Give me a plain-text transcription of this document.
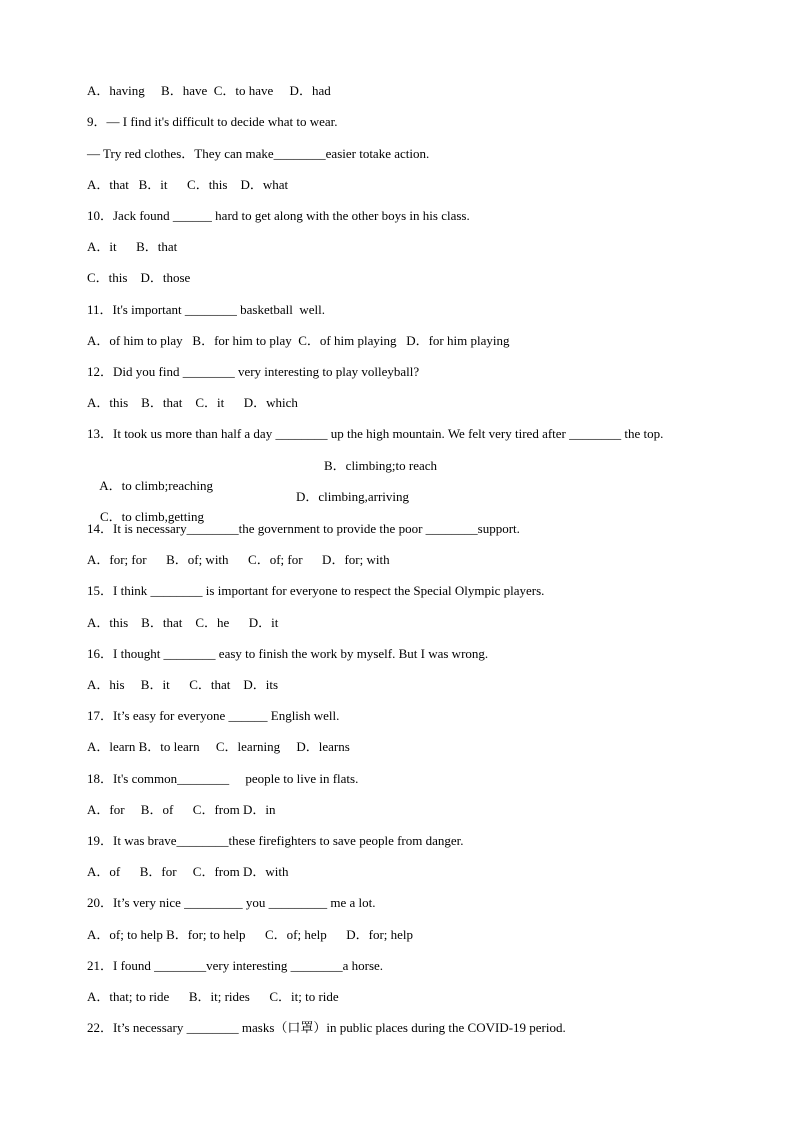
A．having     B．have  C．to have     D．had
9．— I find it's difficult to decide what to wear.
— Try red clothes．They can make________easier totake action.
A．that   B．it      C．this    D．what
10．Jack found ______ hard to get along with the other boys in his class.
A．it      B．that
C．this    D．those
11．It's important ________ basketball  well.
A．of him to play   B．for him to play  C．of him playing   D．for him playing
12．Did you find ________ very interesting to play volleyball?
A．this    B．that    C．it      D．which
13．It took us more than half a day ________ up the high mountain. We felt very tired after ________ the top.

A．to climb;reaching

B．climbing;to reach

C．to climb,getting

D．climbing,arriving

14．It is necessary________the government to provide the poor ________support.
A．for; for      B．of; with      C．of; for      D．for; with
15．I think ________ is important for everyone to respect the Special Olympic players.
A．this    B．that    C．he      D．it
16．I thought ________ easy to finish the work by myself. But I was wrong.
A．his     B．it      C．that    D．its
17．It’s easy for everyone ______ English well.
A．learn B．to learn     C．learning     D．learns
18．It's common________     people to live in flats.
A．for     B．of      C．from D．in
19．It was brave________these firefighters to save people from danger.
A．of      B．for     C．from D．with
20．It’s very nice _________ you _________ me a lot.
A．of; to help B．for; to help      C．of; help      D．for; help
21．I found ________very interesting ________a horse.
A．that; to ride      B．it; rides      C．it; to ride
22．It’s necessary ________ masks（口罩）in public places during the COVID-19 period.
